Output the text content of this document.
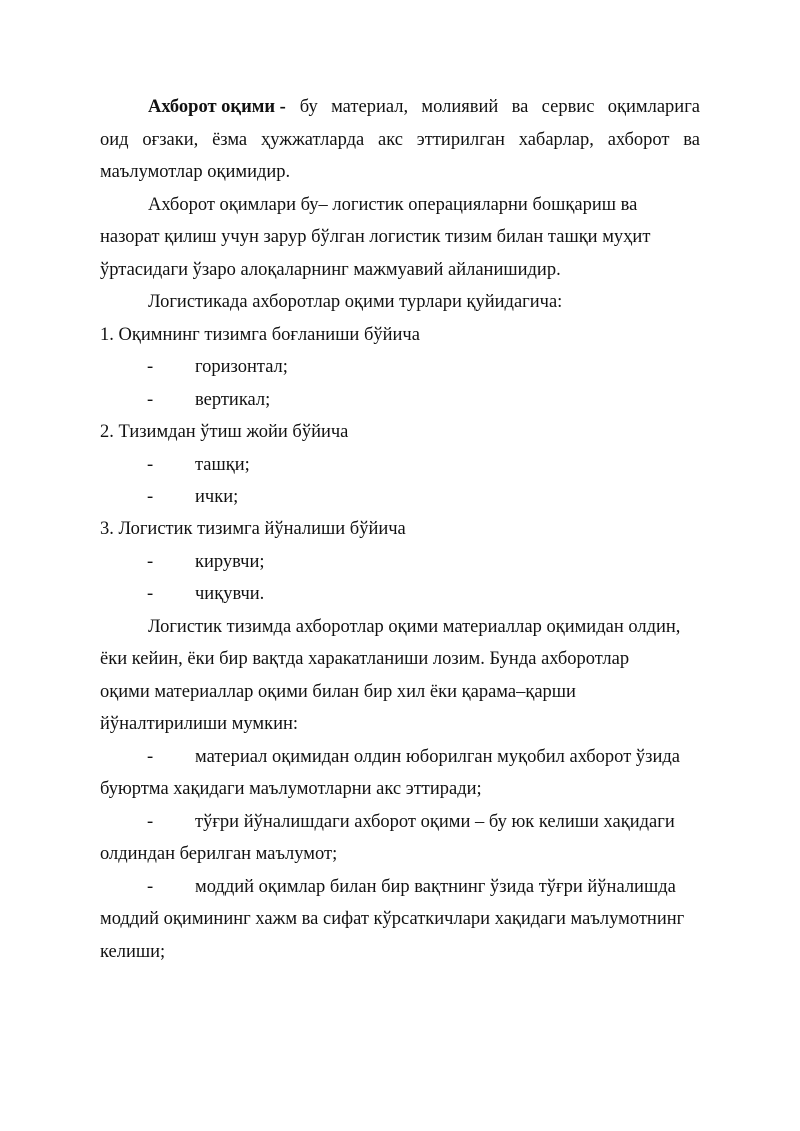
Ахборот оқими - бу материал, молиявий ва сервис оқимларига
оид оғзаки, ёзма ҳужжатларда акс эттирилган хабарлар, ахборот ва
маълумотлар оқимидир.
Ахборот оқимлари бу– логистик операцияларни бошқариш ва
назорат қилиш учун зарур бўлган логистик тизим билан ташқи муҳит
ўртасидаги ўзаро алоқаларнинг мажмуавий айланишидир.
Логистикада ахборотлар оқими турлари қуйидагича:
1. Оқимнинг тизимга боғланиши бўйича
- горизонтал;
- вертикал;
2. Тизимдан ўтиш жойи бўйича
- ташқи;
- ички;
3. Логистик тизимга йўналиши бўйича
- кирувчи;
- чиқувчи.
Логистик тизимда ахборотлар оқими материаллар оқимидан олдин,
ёки кейин, ёки бир вақтда харакатланиши лозим. Бунда ахборотлар
оқими материаллар оқими билан бир хил ёки қарама–қарши
йўналтирилиши мумкин:
- материал оқимидан олдин юборилган муқобил ахборот ўзида
буюртма хақидаги маълумотларни акс эттиради;
- тўғри йўналишдаги ахборот оқими – бу юк келиши хақидаги
олдиндан берилган маълумот;
- моддий оқимлар билан бир вақтнинг ўзида тўғри йўналишда
моддий оқимининг хажм ва сифат кўрсаткичлари хақидаги маълумотнинг
келиши;
